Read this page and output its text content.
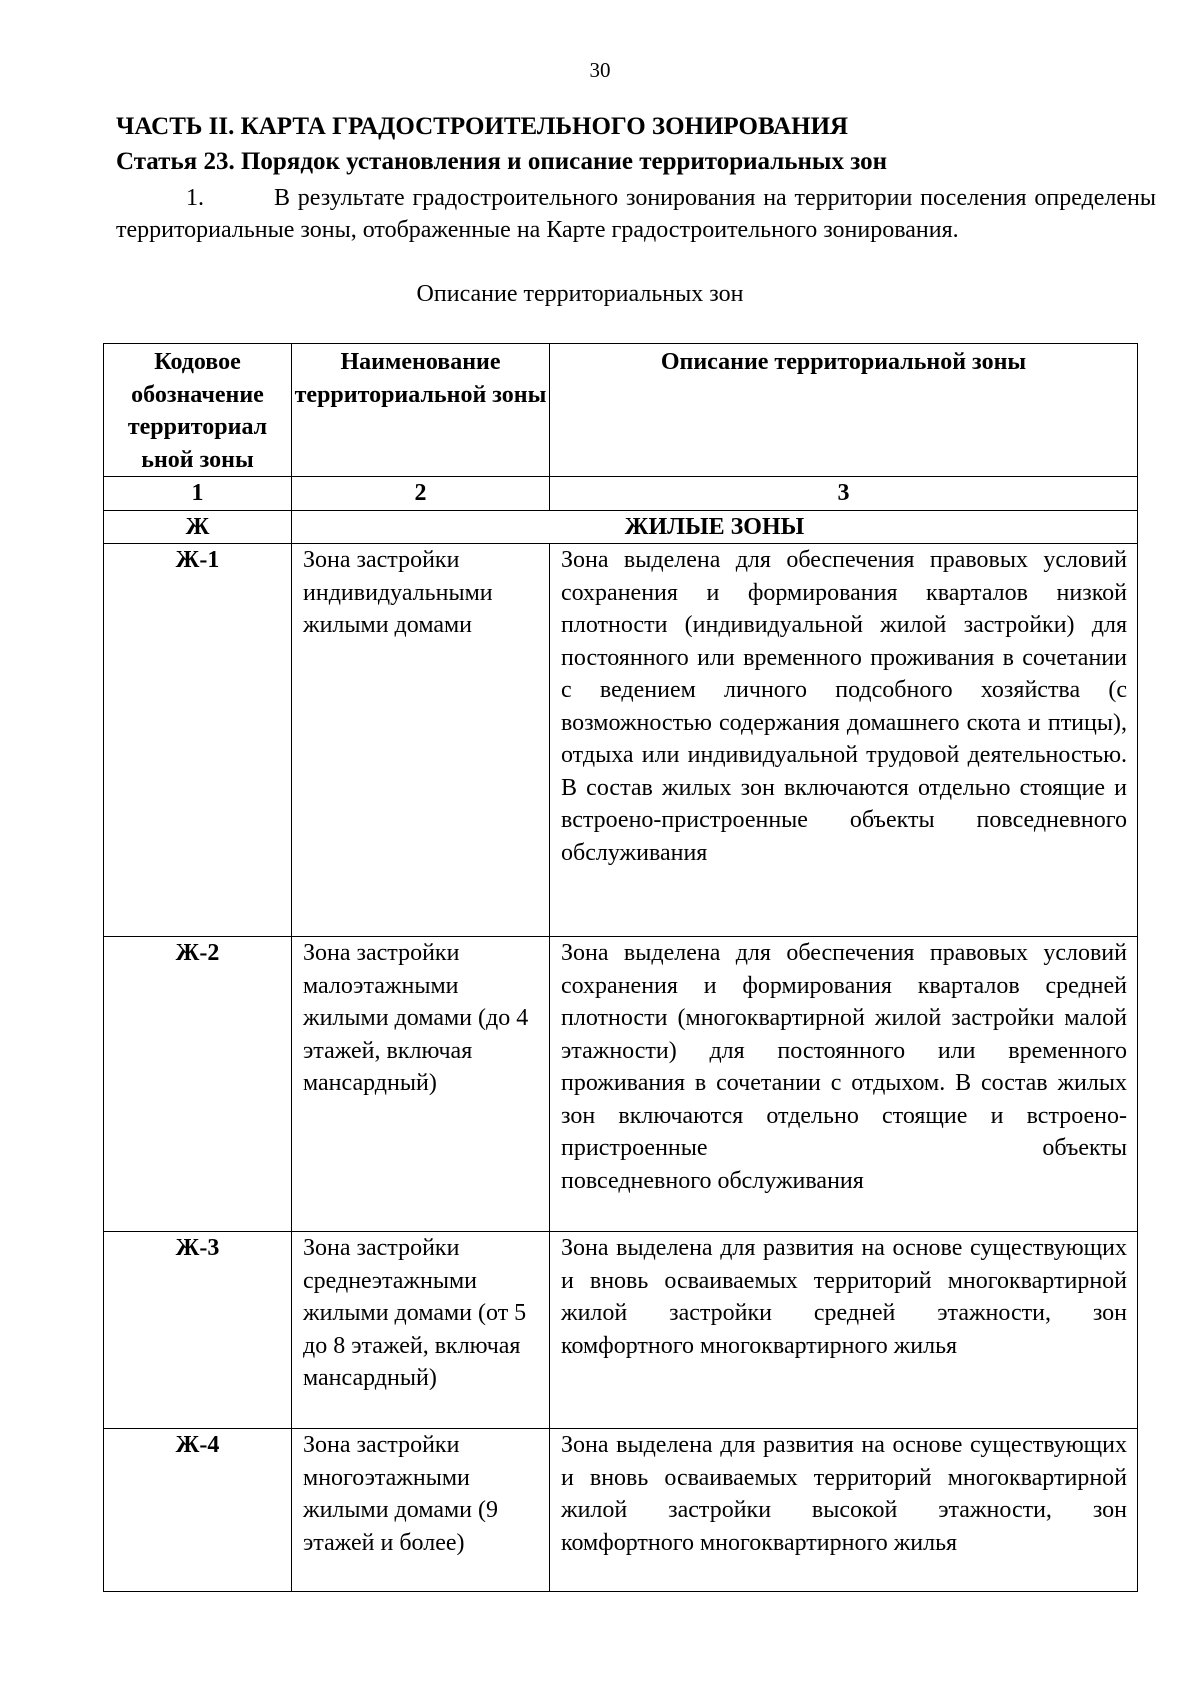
30
ЧАСТЬ II. КАРТА ГРАДОСТРОИТЕЛЬНОГО ЗОНИРОВАНИЯ
Статья 23. Порядок установления и описание территориальных зон
1.	В результате градостроительного зонирования на территории поселения определены территориальные зоны, отображенные на Карте градостроительного зонирования.
Описание территориальных зон
Кодовое обозначение территориал ьной зоны	Наименование территориальной зоны	Описание территориальной зоны
1	2	3
Ж	ЖИЛЫЕ ЗОНЫ	
Ж-1	Зона застройки индивидуальными жилыми домами	Зона выделена для обеспечения правовых условий сохранения и формирования кварталов низкой плотности (индивидуальной жилой застройки) для постоянного или временного проживания в сочетании с ведением личного подсобного хозяйства (с возможностью содержания домашнего скота и птицы), отдыха или индивидуальной трудовой деятельностью. В состав жилых зон включаются отдельно стоящие и встроено-пристроенные объекты повседневного
обслуживания

Ж-2	Зона застройки малоэтажными жилыми домами (до 4 этажей, включая мансардный)	Зона выделена для обеспечения правовых условий сохранения и формирования кварталов средней плотности (многоквартирной жилой застройки малой этажности) для постоянного или временного проживания в сочетании с отдыхом. В состав жилых зон включаются отдельно стоящие и встроено-пристроенные объекты
повседневного обслуживания

Ж-3	Зона застройки среднеэтажными жилыми домами (от 5 до 8 этажей, включая мансардный)	Зона выделена для развития на основе существующих и вновь осваиваемых территорий многоквартирной жилой застройки средней этажности, зон
комфортного многоквартирного жилья

Ж-4	Зона застройки многоэтажными жилыми домами (9 этажей и более)	Зона выделена для развития на основе существующих и вновь осваиваемых территорий многоквартирной жилой застройки высокой этажности, зон
комфортного многоквартирного жилья
